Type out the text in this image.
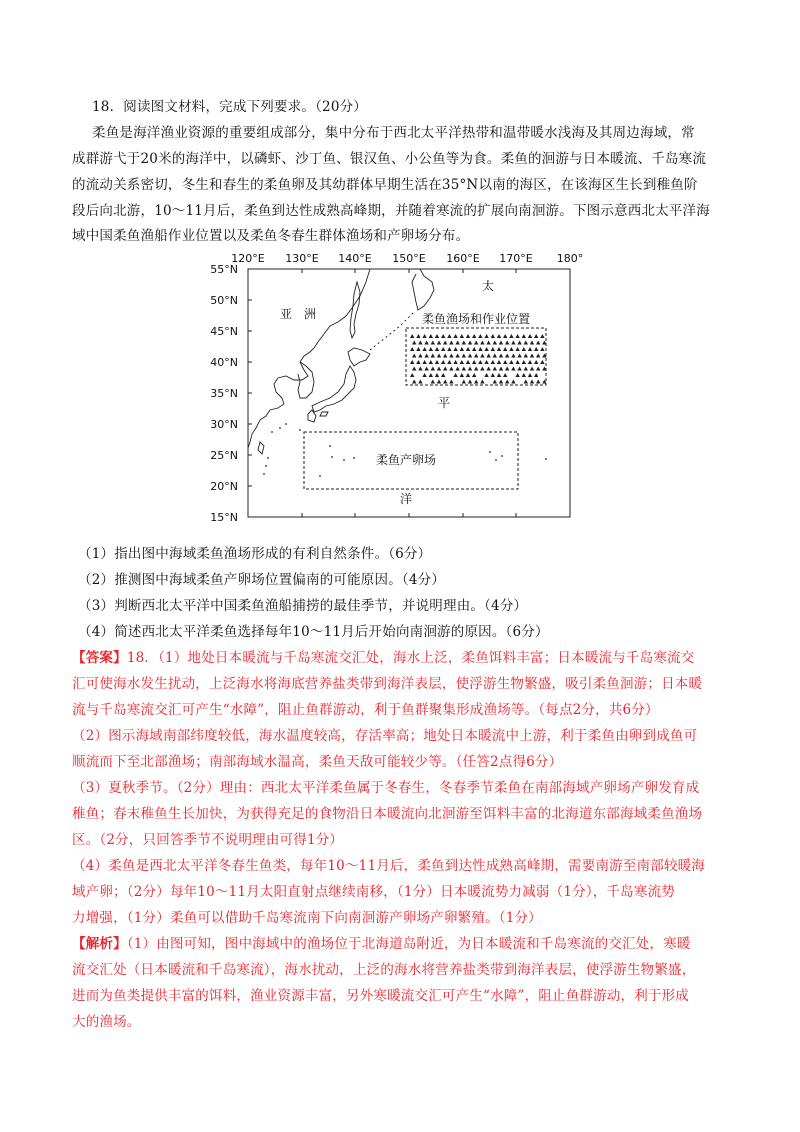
18．阅读图文材料，完成下列要求。（20分）
柔鱼是海洋渔业资源的重要组成部分，集中分布于西北太平洋热带和温带暖水浅海及其周边海域，常
成群游弋于20米的海洋中，以磷虾、沙丁鱼、银汉鱼、小公鱼等为食。柔鱼的洄游与日本暖流、千岛寒流
的流动关系密切，冬生和春生的柔鱼卵及其幼群体早期生活在35°N以南的海区，在该海区生长到稚鱼阶
段后向北游，10～11月后，柔鱼到达性成熟高峰期，并随着寒流的扩展向南洄游。下图示意西北太平洋海
域中国柔鱼渔船作业位置以及柔鱼冬春生群体渔场和产卵场分布。
120°E 130°E 140°E 150°E 160°E 170°E 180°
55°N
50°N
45°N
40°N
35°N
30°N
25°N
20°N
15°N
柔鱼渔场和作业位置
柔鱼产卵场
亚　洲
太
平
洋
（1）指出图中海域柔鱼渔场形成的有利自然条件。（6分）
（2）推测图中海域柔鱼产卵场位置偏南的可能原因。（4分）
（3）判断西北太平洋中国柔鱼渔船捕捞的最佳季节，并说明理由。（4分）
（4）简述西北太平洋柔鱼选择每年10～11月后开始向南洄游的原因。（6分）
【答案】18．（1）地处日本暖流与千岛寒流交汇处，海水上泛，柔鱼饵料丰富；日本暖流与千岛寒流交
汇可使海水发生扰动，上泛海水将海底营养盐类带到海洋表层，使浮游生物繁盛，吸引柔鱼洄游；日本暖
流与千岛寒流交汇可产生“水障”，阻止鱼群游动，利于鱼群聚集形成渔场等。（每点2分，共6分）
（2）图示海域南部纬度较低，海水温度较高，存活率高；地处日本暖流中上游，利于柔鱼由卵到成鱼可
顺流而下至北部渔场；南部海域水温高，柔鱼天敌可能较少等。（任答2点得6分）
（3）夏秋季节。（2分）理由：西北太平洋柔鱼属于冬春生，冬春季节柔鱼在南部海域产卵场产卵发育成
稚鱼；春末稚鱼生长加快，为获得充足的食物沿日本暖流向北洄游至饵料丰富的北海道东部海域柔鱼渔场
区。（2分，只回答季节不说明理由可得1分）
（4）柔鱼是西北太平洋冬春生鱼类，每年10～11月后，柔鱼到达性成熟高峰期，需要南游至南部较暖海
域产卵；（2分）每年10～11月太阳直射点继续南移，（1分）日本暖流势力减弱（1分），千岛寒流势
力增强，（1分）柔鱼可以借助千岛寒流南下向南洄游产卵场产卵繁殖。（1分）
【解析】（1）由图可知，图中海域中的渔场位于北海道岛附近，为日本暖流和千岛寒流的交汇处，寒暖
流交汇处（日本暖流和千岛寒流），海水扰动，上泛的海水将营养盐类带到海洋表层，使浮游生物繁盛，
进而为鱼类提供丰富的饵料，渔业资源丰富，另外寒暖流交汇可产生“水障”，阻止鱼群游动，利于形成
大的渔场。
